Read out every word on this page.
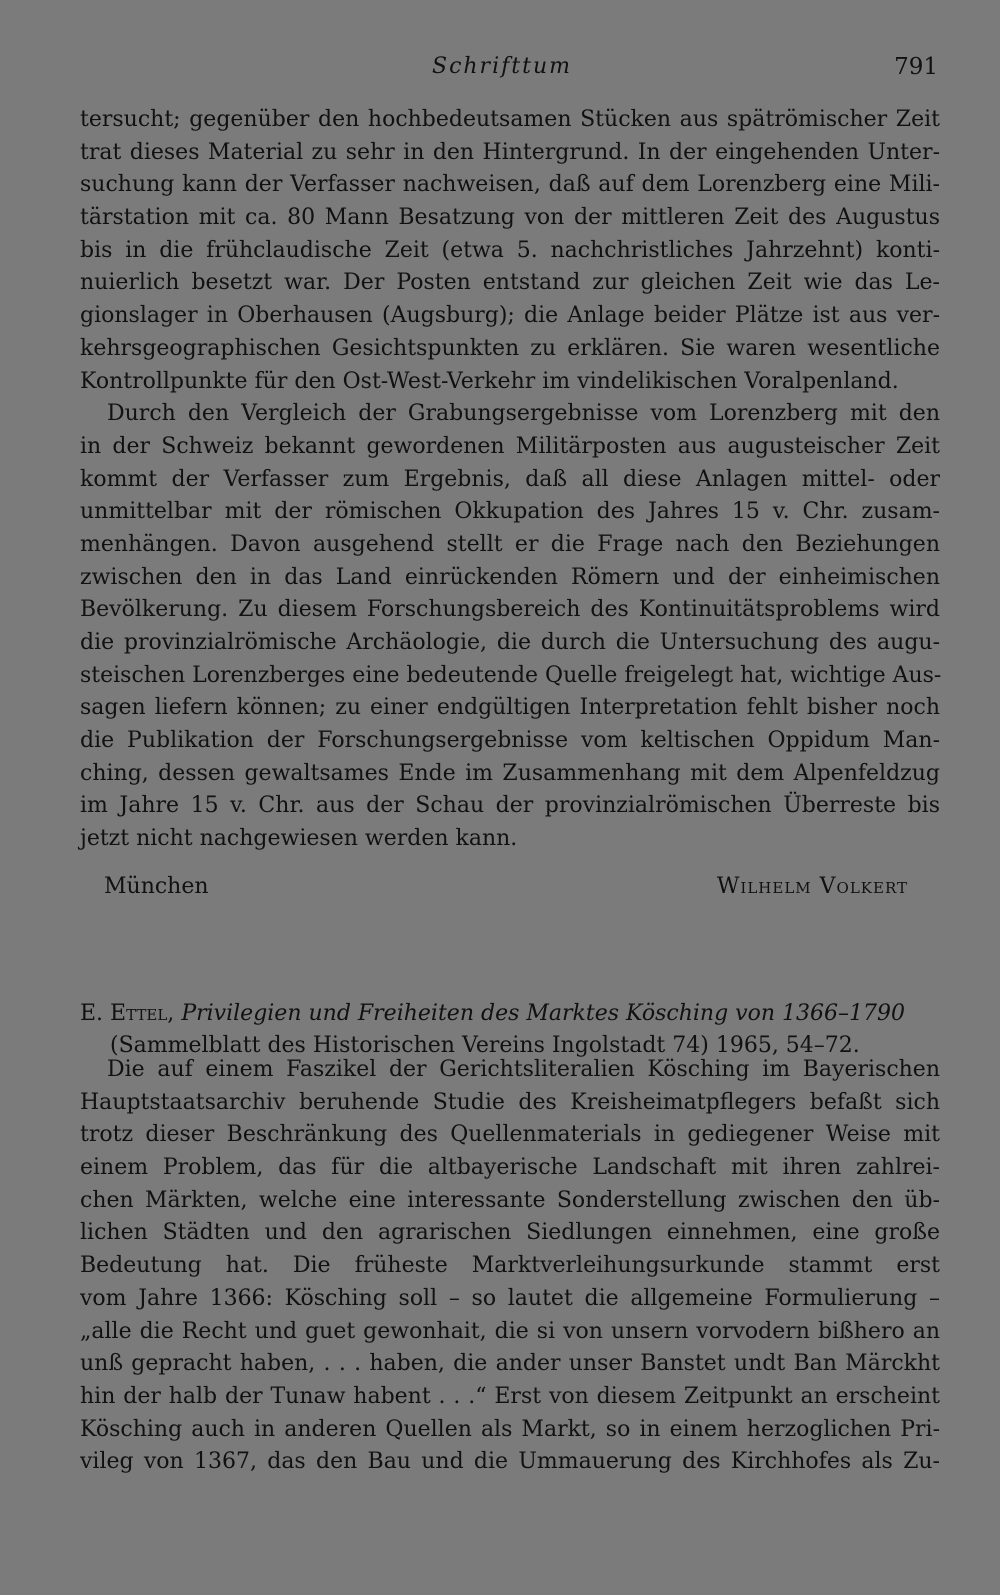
Schrifttum	791
tersucht; gegenüber den hochbedeutsamen Stücken aus spätrömischer Zeit
trat dieses Material zu sehr in den Hintergrund. In der eingehenden Unter-
suchung kann der Verfasser nachweisen, daß auf dem Lorenzberg eine Mili-
tärstation mit ca. 80 Mann Besatzung von der mittleren Zeit des Augustus
bis in die frühclaudische Zeit (etwa 5. nachchristliches Jahrzehnt) konti-
nuierlich besetzt war. Der Posten entstand zur gleichen Zeit wie das Le-
gionslager in Oberhausen (Augsburg); die Anlage beider Plätze ist aus ver-
kehrsgeographischen Gesichtspunkten zu erklären. Sie waren wesentliche
Kontrollpunkte für den Ost-West-Verkehr im vindelikischen Voralpenland.
Durch den Vergleich der Grabungsergebnisse vom Lorenzberg mit den
in der Schweiz bekannt gewordenen Militärposten aus augusteischer Zeit
kommt der Verfasser zum Ergebnis, daß all diese Anlagen mittel- oder
unmittelbar mit der römischen Okkupation des Jahres 15 v. Chr. zusam-
menhängen. Davon ausgehend stellt er die Frage nach den Beziehungen
zwischen den in das Land einrückenden Römern und der einheimischen
Bevölkerung. Zu diesem Forschungsbereich des Kontinuitätsproblems wird
die provinzialrömische Archäologie, die durch die Untersuchung des augu-
steischen Lorenzberges eine bedeutende Quelle freigelegt hat, wichtige Aus-
sagen liefern können; zu einer endgültigen Interpretation fehlt bisher noch
die Publikation der Forschungsergebnisse vom keltischen Oppidum Man-
ching, dessen gewaltsames Ende im Zusammenhang mit dem Alpenfeldzug
im Jahre 15 v. Chr. aus der Schau der provinzialrömischen Überreste bis
jetzt nicht nachgewiesen werden kann.
München	Wilhelm Volkert
E. Ettel, Privilegien und Freiheiten des Marktes Kösching von 1366–1790
(Sammelblatt des Historischen Vereins Ingolstadt 74) 1965, 54–72.
Die auf einem Faszikel der Gerichtsliteralien Kösching im Bayerischen
Hauptstaatsarchiv beruhende Studie des Kreisheimatpflegers befaßt sich
trotz dieser Beschränkung des Quellenmaterials in gediegener Weise mit
einem Problem, das für die altbayerische Landschaft mit ihren zahlrei-
chen Märkten, welche eine interessante Sonderstellung zwischen den üb-
lichen Städten und den agrarischen Siedlungen einnehmen, eine große
Bedeutung hat. Die früheste Marktverleihungsurkunde stammt erst
vom Jahre 1366: Kösching soll – so lautet die allgemeine Formulierung –
„alle die Recht und guet gewonhait, die si von unsern vorvodern bißhero an
unß gepracht haben, . . . haben, die ander unser Banstet undt Ban Märckht
hin der halb der Tunaw habent . . .“ Erst von diesem Zeitpunkt an erscheint
Kösching auch in anderen Quellen als Markt, so in einem herzoglichen Pri-
vileg von 1367, das den Bau und die Ummauerung des Kirchhofes als Zu-
